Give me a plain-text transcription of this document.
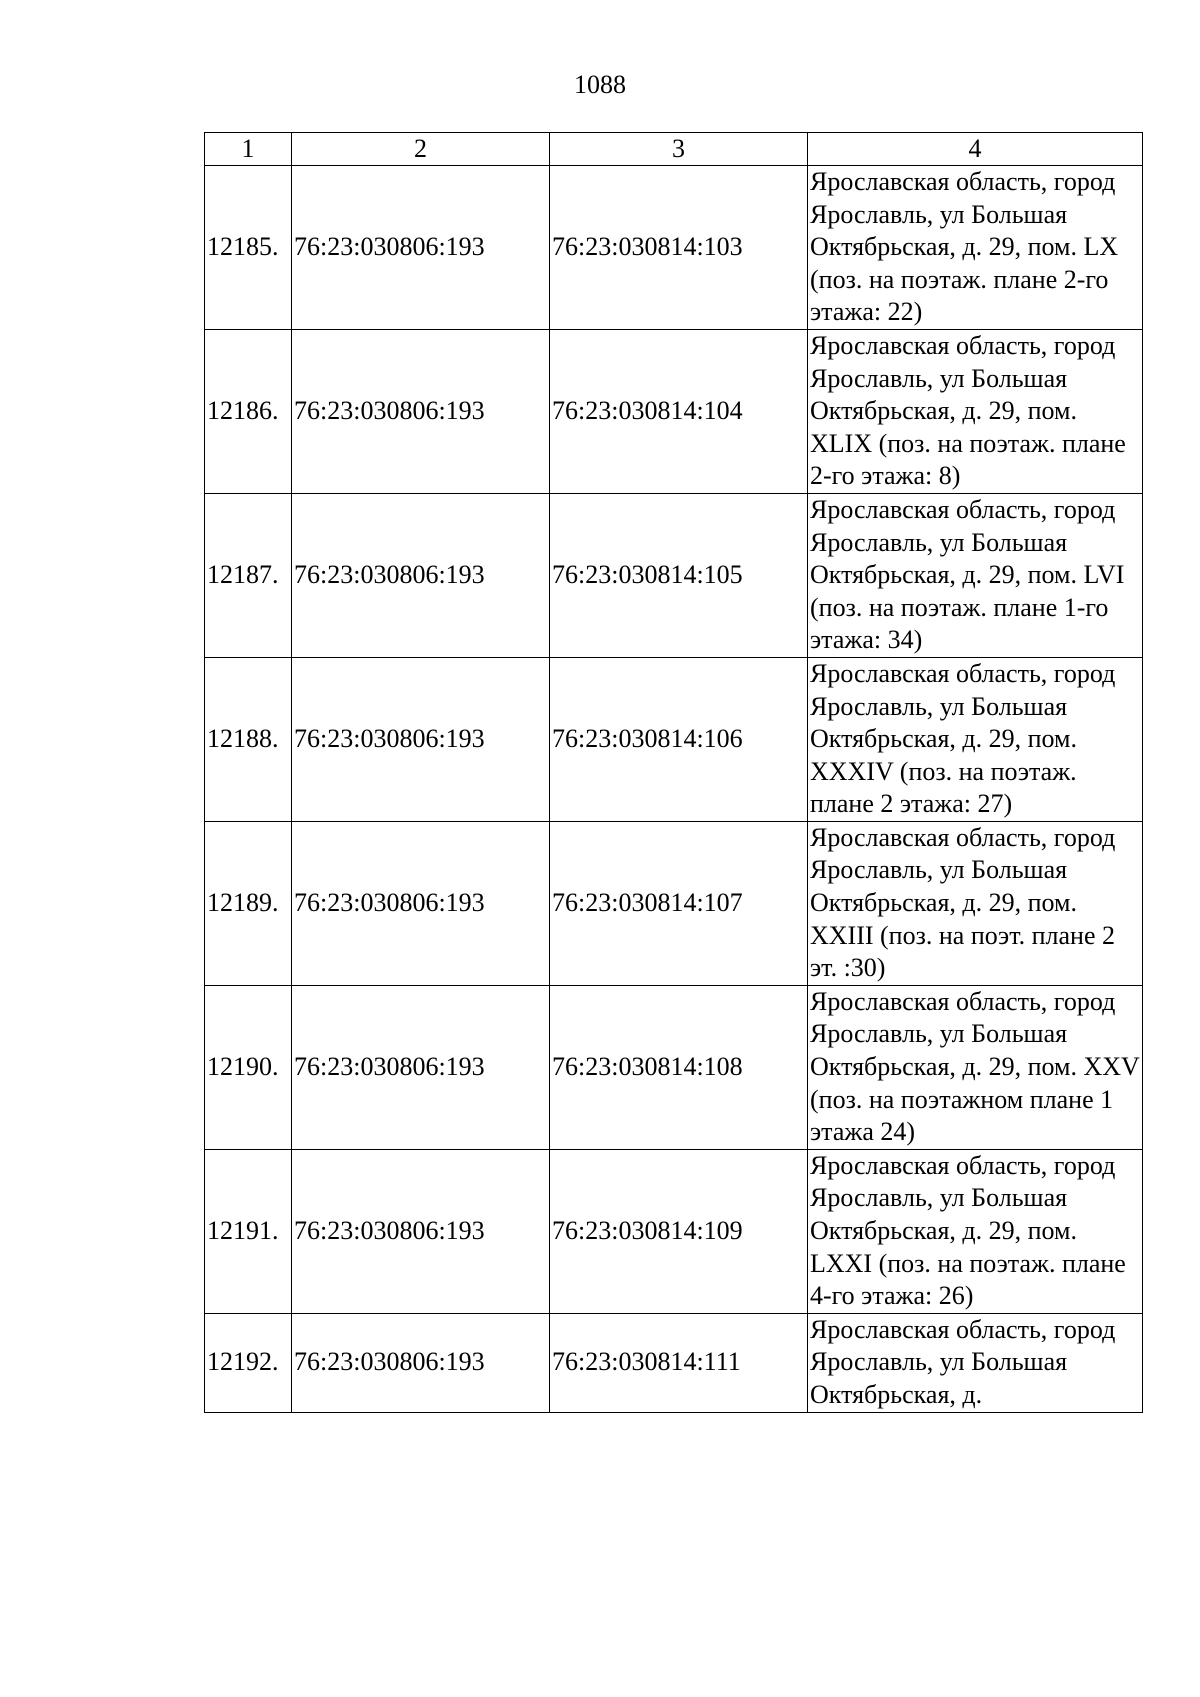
1088
1	2	3	4
12185.	76:23:030806:193	76:23:030814:103	Ярославская область, город Ярославль, ул Большая Октябрьская, д. 29, пом. LX (поз. на поэтаж. плане 2-го этажа: 22)
12186.	76:23:030806:193	76:23:030814:104	Ярославская область, город Ярославль, ул Большая Октябрьская, д. 29, пом. XLIX (поз. на поэтаж. плане 2-го этажа: 8)
12187.	76:23:030806:193	76:23:030814:105	Ярославская область, город Ярославль, ул Большая Октябрьская, д. 29, пом. LVI (поз. на поэтаж. плане 1-го этажа: 34)
12188.	76:23:030806:193	76:23:030814:106	Ярославская область, город Ярославль, ул Большая Октябрьская, д. 29, пом. XXXIV (поз. на поэтаж. плане 2 этажа: 27)
12189.	76:23:030806:193	76:23:030814:107	Ярославская область, город Ярославль, ул Большая Октябрьская, д. 29, пом. XXIII (поз. на поэт. плане 2 эт. :30)
12190.	76:23:030806:193	76:23:030814:108	Ярославская область, город Ярославль, ул Большая Октябрьская, д. 29, пом. XXV (поз. на поэтажном плане 1 этажа 24)
12191.	76:23:030806:193	76:23:030814:109	Ярославская область, город Ярославль, ул Большая Октябрьская, д. 29, пом. LXXI (поз. на поэтаж. плане 4-го этажа: 26)
12192.	76:23:030806:193	76:23:030814:111	Ярославская область, город Ярославль, ул Большая Октябрьская, д.
